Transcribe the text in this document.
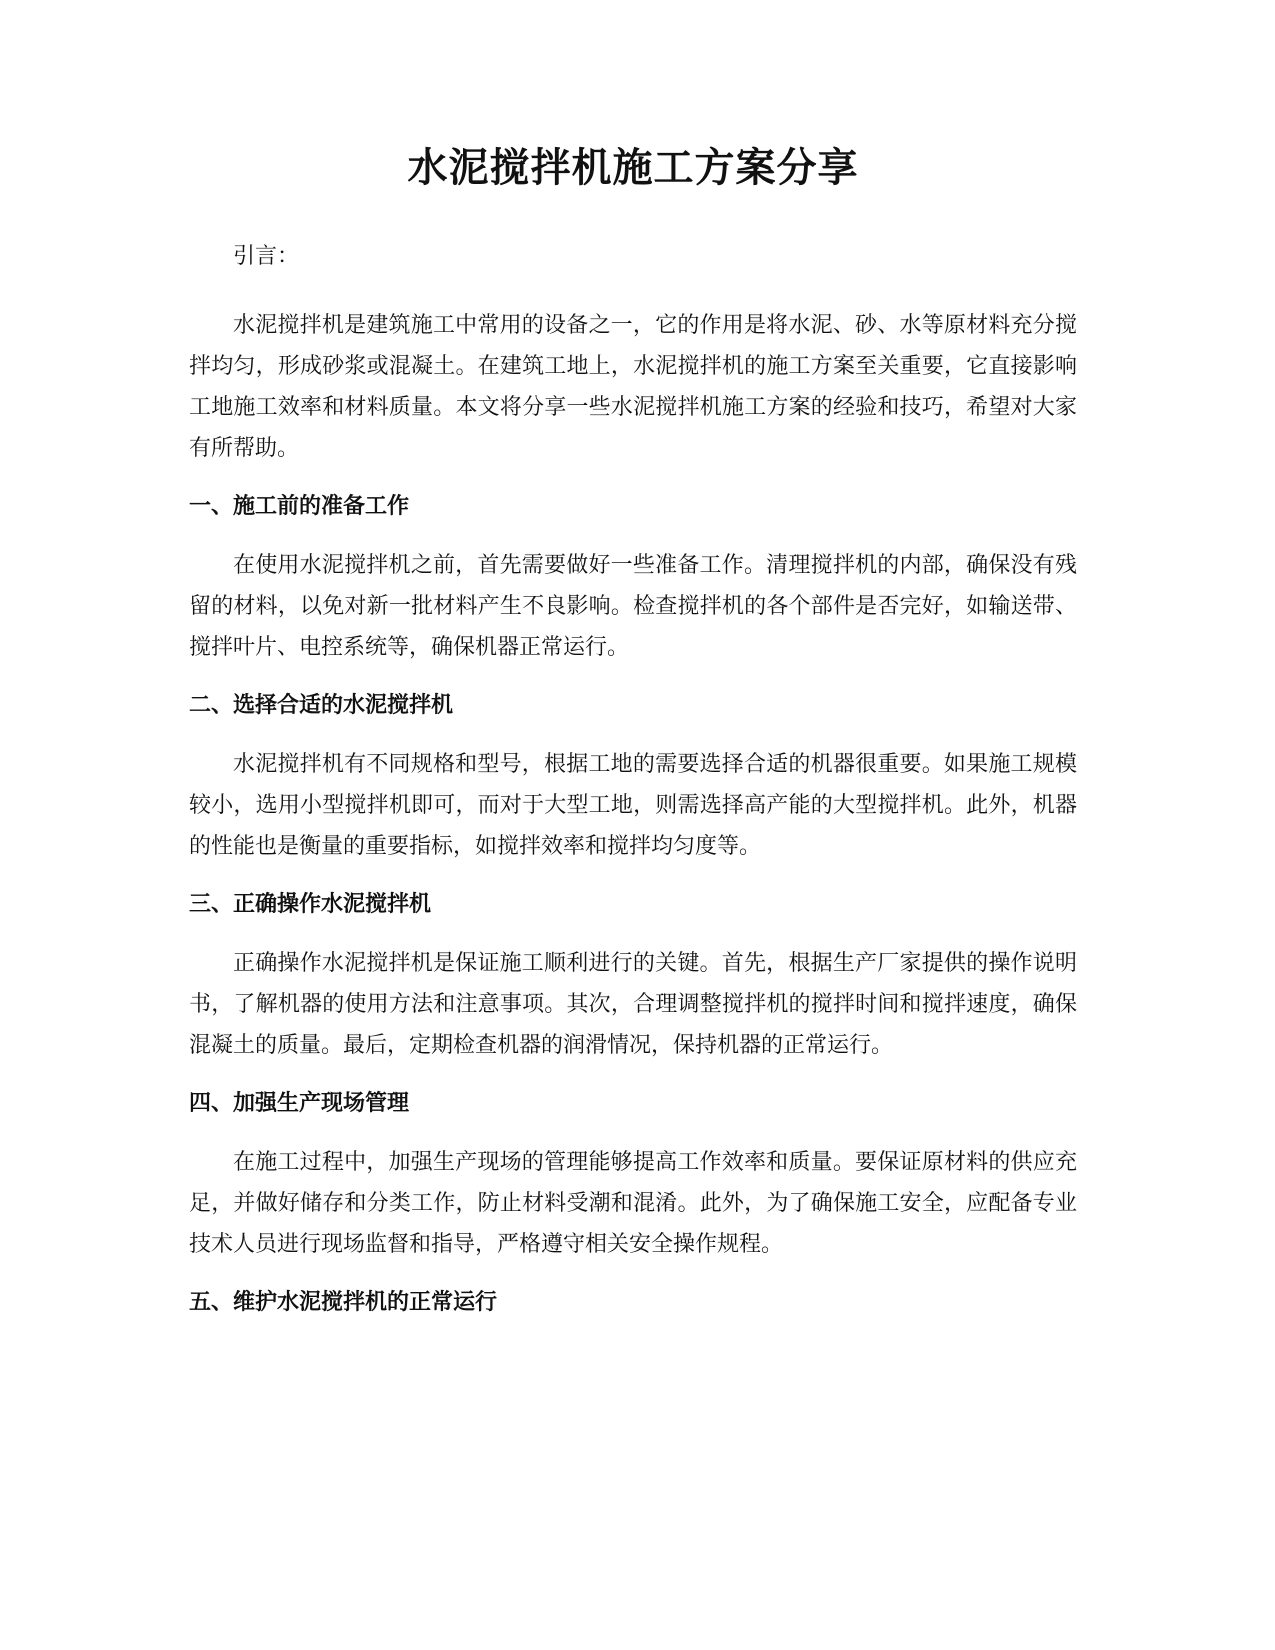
水泥搅拌机施工方案分享

引言：

水泥搅拌机是建筑施工中常用的设备之一，它的作用是将水泥、砂、水等原材料充分搅拌均匀，形成砂浆或混凝土。在建筑工地上，水泥搅拌机的施工方案至关重要，它直接影响工地施工效率和材料质量。本文将分享一些水泥搅拌机施工方案的经验和技巧，希望对大家有所帮助。

一、施工前的准备工作

在使用水泥搅拌机之前，首先需要做好一些准备工作。清理搅拌机的内部，确保没有残留的材料，以免对新一批材料产生不良影响。检查搅拌机的各个部件是否完好，如输送带、搅拌叶片、电控系统等，确保机器正常运行。

二、选择合适的水泥搅拌机

水泥搅拌机有不同规格和型号，根据工地的需要选择合适的机器很重要。如果施工规模较小，选用小型搅拌机即可，而对于大型工地，则需选择高产能的大型搅拌机。此外，机器的性能也是衡量的重要指标，如搅拌效率和搅拌均匀度等。

三、正确操作水泥搅拌机

正确操作水泥搅拌机是保证施工顺利进行的关键。首先，根据生产厂家提供的操作说明书，了解机器的使用方法和注意事项。其次，合理调整搅拌机的搅拌时间和搅拌速度，确保混凝土的质量。最后，定期检查机器的润滑情况，保持机器的正常运行。

四、加强生产现场管理

在施工过程中，加强生产现场的管理能够提高工作效率和质量。要保证原材料的供应充足，并做好储存和分类工作，防止材料受潮和混淆。此外，为了确保施工安全，应配备专业技术人员进行现场监督和指导，严格遵守相关安全操作规程。

五、维护水泥搅拌机的正常运行
